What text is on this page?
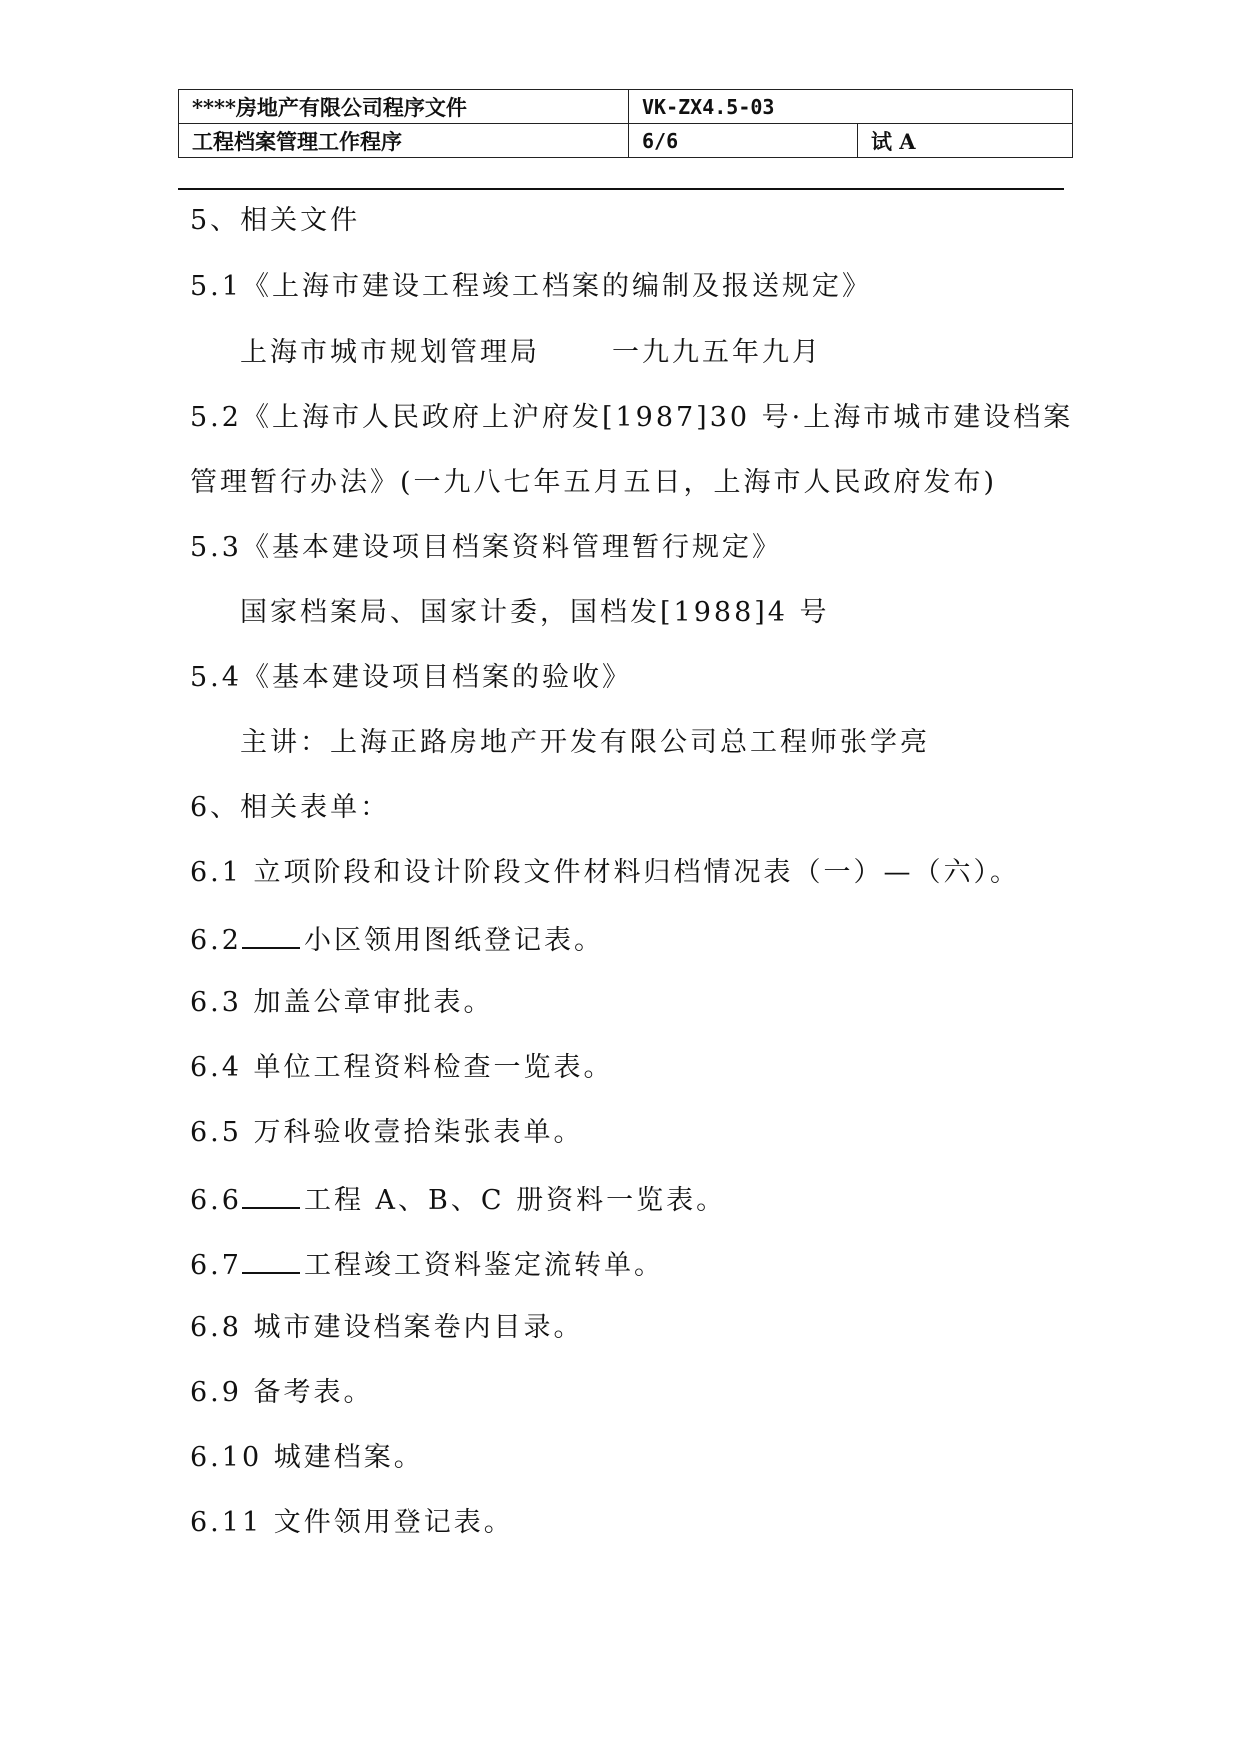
****房地产有限公司程序文件	VK-ZX4.5-03	
工程档案管理工作程序	6/6	试 A
5、相关文件
5.1《上海市建设工程竣工档案的编制及报送规定》
上海市城市规划管理局	一九九五年九月
5.2《上海市人民政府上沪府发[1987]30 号·上海市城市建设档案
管理暂行办法》(一九八七年五月五日，上海市人民政府发布)
5.3《基本建设项目档案资料管理暂行规定》
国家档案局、国家计委，国档发[1988]4 号
5.4《基本建设项目档案的验收》
主讲：上海正路房地产开发有限公司总工程师张学亮
6、相关表单：
6.1 立项阶段和设计阶段文件材料归档情况表（一）—（六）。
6.2 小区领用图纸登记表。
6.3 加盖公章审批表。
6.4 单位工程资料检查一览表。
6.5 万科验收壹拾柒张表单。
6.6 工程 A、B、C 册资料一览表。
6.7 工程竣工资料鉴定流转单。
6.8 城市建设档案卷内目录。
6.9 备考表。
6.10 城建档案。
6.11 文件领用登记表。
